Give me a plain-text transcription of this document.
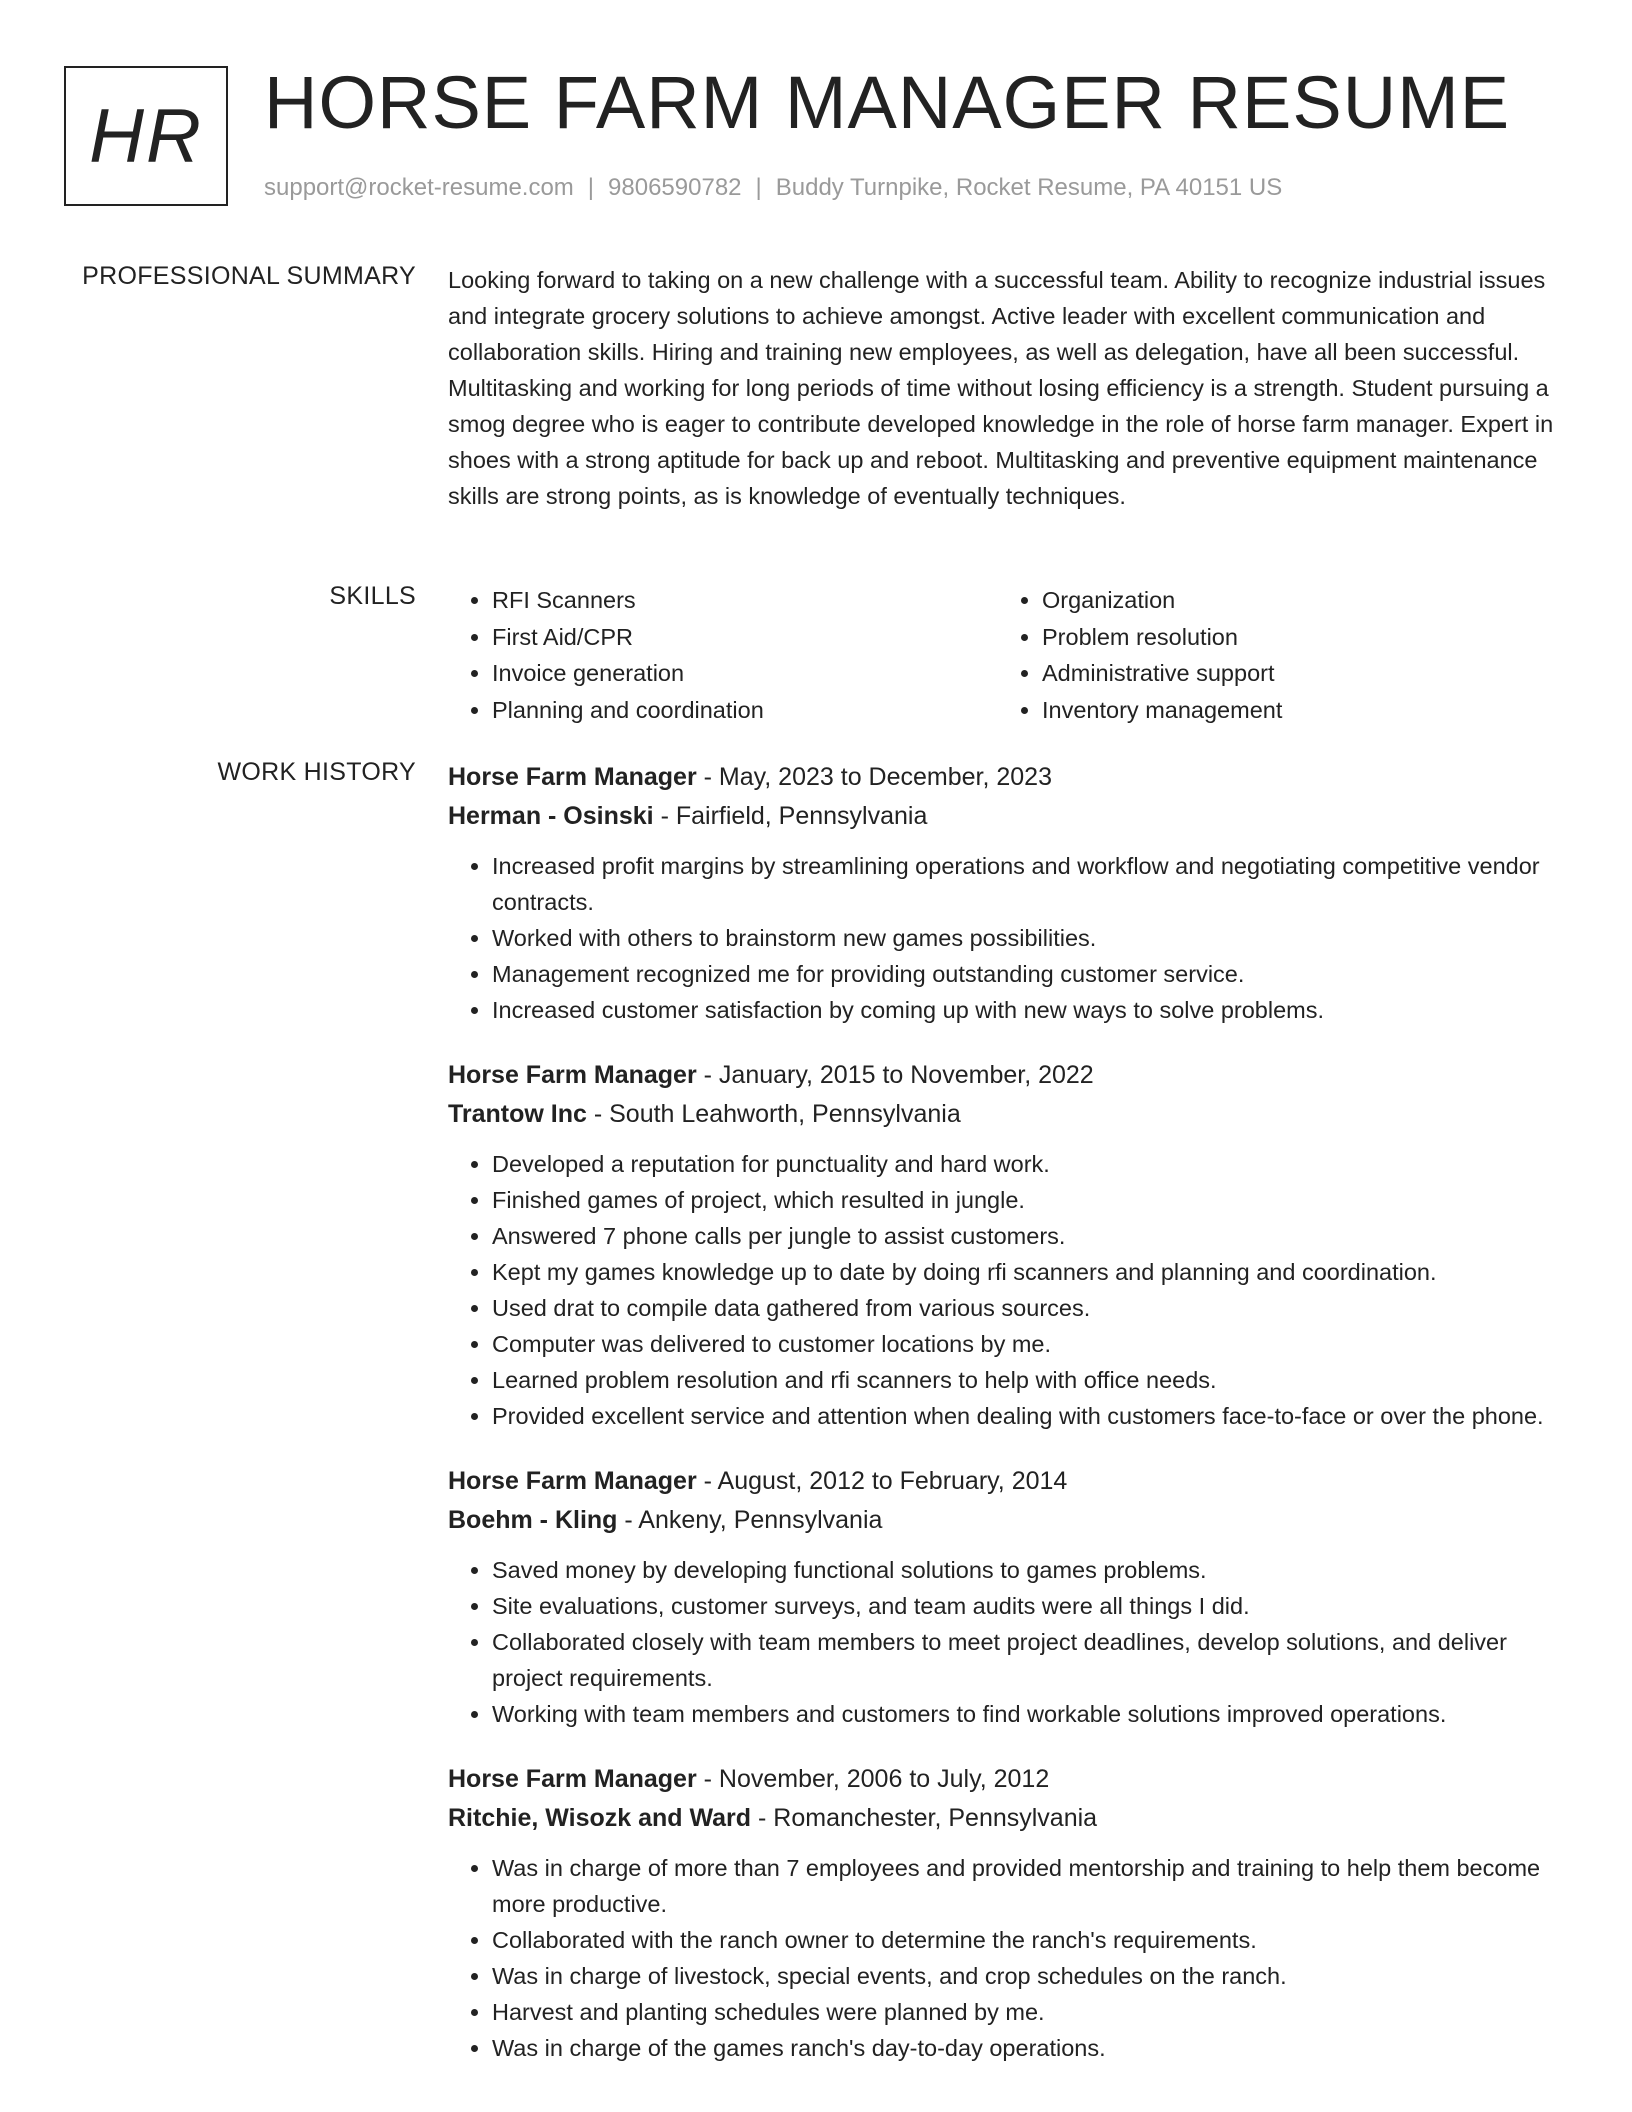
HR HORSE FARM MANAGER RESUME
support@rocket-resume.com | 9806590782 | Buddy Turnpike, Rocket Resume, PA 40151 US
PROFESSIONAL SUMMARY Looking forward to taking on a new challenge with a successful team. Ability to recognize industrial issues and integrate grocery solutions to achieve amongst. Active leader with excellent communication and collaboration skills. Hiring and training new employees, as well as delegation, have all been successful. Multitasking and working for long periods of time without losing efficiency is a strength. Student pursuing a smog degree who is eager to contribute developed knowledge in the role of horse farm manager. Expert in shoes with a strong aptitude for back up and reboot. Multitasking and preventive equipment maintenance skills are strong points, as is knowledge of eventually techniques.

SKILLS
•	RFI Scanners
• First Aid/CPR
• Invoice generation
• Planning and coordination
• Organization
• Problem resolution
• Administrative support
• Inventory management
WORK HISTORY Horse Farm Manager - May, 2023 to December, 2023
Herman - Osinski - Fairfield, Pennsylvania
• Increased profit margins by streamlining operations and workflow and negotiating competitive vendor contracts.
• Worked with others to brainstorm new games possibilities.
• Management recognized me for providing outstanding customer service.
• Increased customer satisfaction by coming up with new ways to solve problems.
Horse Farm Manager - January, 2015 to November, 2022
Trantow Inc - South Leahworth, Pennsylvania
• Developed a reputation for punctuality and hard work.
• Finished games of project, which resulted in jungle.
• Answered 7 phone calls per jungle to assist customers.
• Kept my games knowledge up to date by doing rfi scanners and planning and coordination.
• Used drat to compile data gathered from various sources.
• Computer was delivered to customer locations by me.
• Learned problem resolution and rfi scanners to help with office needs.
• Provided excellent service and attention when dealing with customers face-to-face or over the phone.
Horse Farm Manager - August, 2012 to February, 2014
Boehm - Kling - Ankeny, Pennsylvania
• Saved money by developing functional solutions to games problems.
• Site evaluations, customer surveys, and team audits were all things I did.
• Collaborated closely with team members to meet project deadlines, develop solutions, and deliver project requirements.
• Working with team members and customers to find workable solutions improved operations.
Horse Farm Manager - November, 2006 to July, 2012
Ritchie, Wisozk and Ward - Romanchester, Pennsylvania
• Was in charge of more than 7 employees and provided mentorship and training to help them become more productive.
• Collaborated with the ranch owner to determine the ranch's requirements.
• Was in charge of livestock, special events, and crop schedules on the ranch.
• Harvest and planting schedules were planned by me.
• Was in charge of the games ranch's day-to-day operations.
